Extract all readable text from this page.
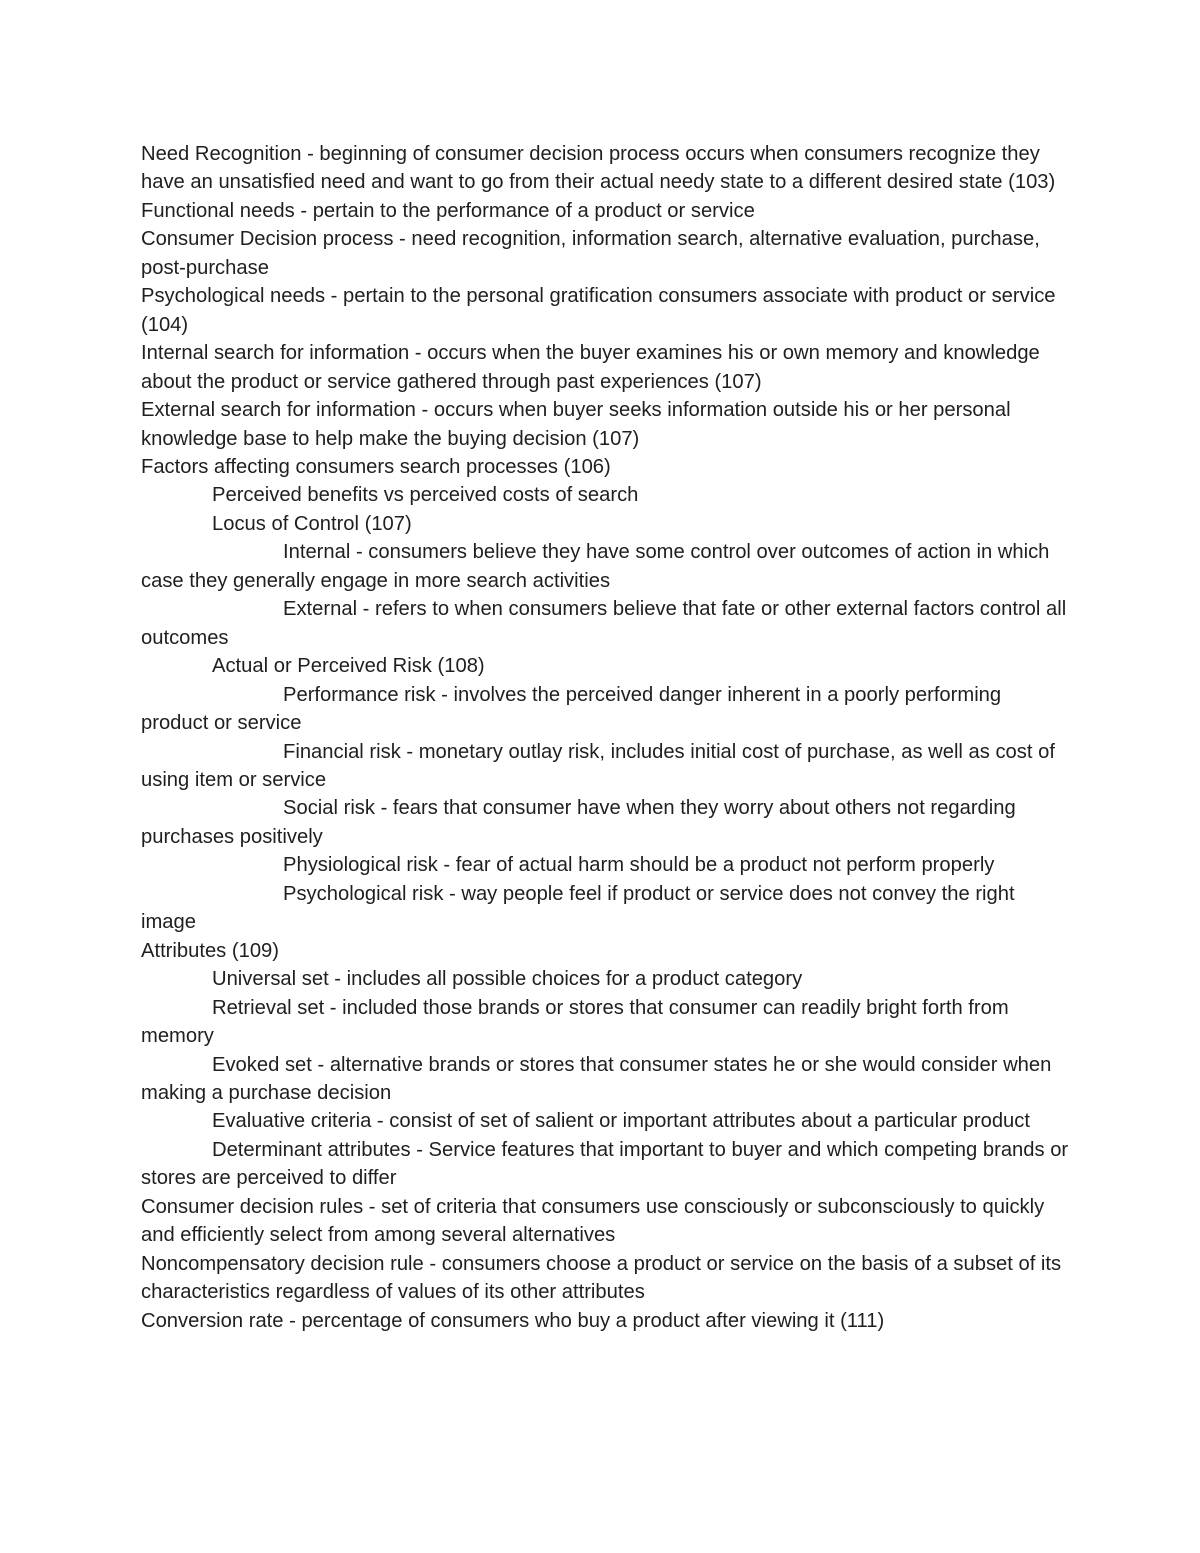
Need Recognition - beginning of consumer decision process occurs when consumers recognize they have an unsatisfied need and want to go from their actual needy state to a different desired state (103)

Functional needs - pertain to the performance of a product or service

Consumer Decision process - need recognition, information search, alternative evaluation, purchase, post-purchase

Psychological needs - pertain to the personal gratification consumers associate with product or service (104)

Internal search for information - occurs when the buyer examines his or own memory and knowledge about the product or service gathered through past experiences (107)

External search for information - occurs when buyer seeks information outside his or her personal knowledge base to help make the buying decision (107)

Factors affecting consumers search processes (106)

Perceived benefits vs perceived costs of search

Locus of Control (107)

Internal - consumers believe they have some control over outcomes of action in which case they generally engage in more search activities

External - refers to when consumers believe that fate or other external factors control all outcomes

Actual or Perceived Risk (108)

Performance risk - involves the perceived danger inherent in a poorly performing product or service

Financial risk - monetary outlay risk, includes initial cost of purchase, as well as cost of using item or service

Social risk - fears that consumer have when they worry about others not regarding purchases positively

Physiological risk - fear of actual harm should be a product not perform properly

Psychological risk - way people feel if product or service does not convey the right image

Attributes (109)

Universal set - includes all possible choices for a product category

Retrieval set - included those brands or stores that consumer can readily bright forth from memory

Evoked set - alternative brands or stores that consumer states he or she would consider when making a purchase decision

Evaluative criteria - consist of set of salient or important attributes about a particular product

Determinant attributes - Service features that important to buyer and which competing brands or stores are perceived to differ

Consumer decision rules - set of criteria that consumers use consciously or subconsciously to quickly and efficiently select from among several alternatives

Noncompensatory decision rule - consumers choose a product or service on the basis of a subset of its characteristics regardless of values of its other attributes

Conversion rate - percentage of consumers who buy a product after viewing it (111)
